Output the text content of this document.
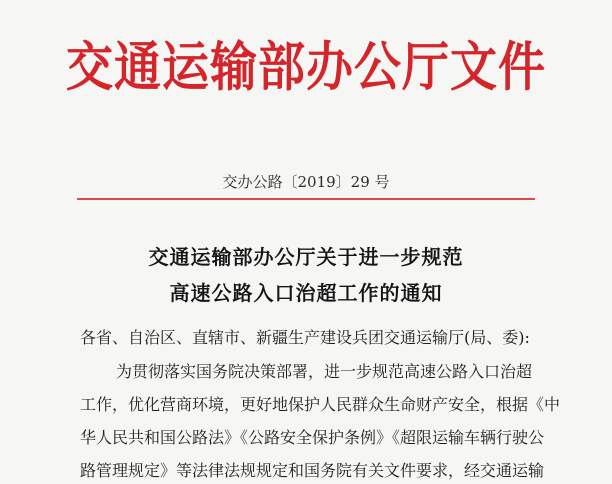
交通运输部办公厅文件
交办公路〔2019〕29 号
交通运输部办公厅关于进一步规范
高速公路入口治超工作的通知
各省、自治区、直辖市、新疆生产建设兵团交通运输厅(局、委):
为贯彻落实国务院决策部署，进一步规范高速公路入口治超
工作，优化营商环境，更好地保护人民群众生命财产安全，根据《中
华人民共和国公路法》《公路安全保护条例》《超限运输车辆行驶公
路管理规定》等法律法规规定和国务院有关文件要求，经交通运输
